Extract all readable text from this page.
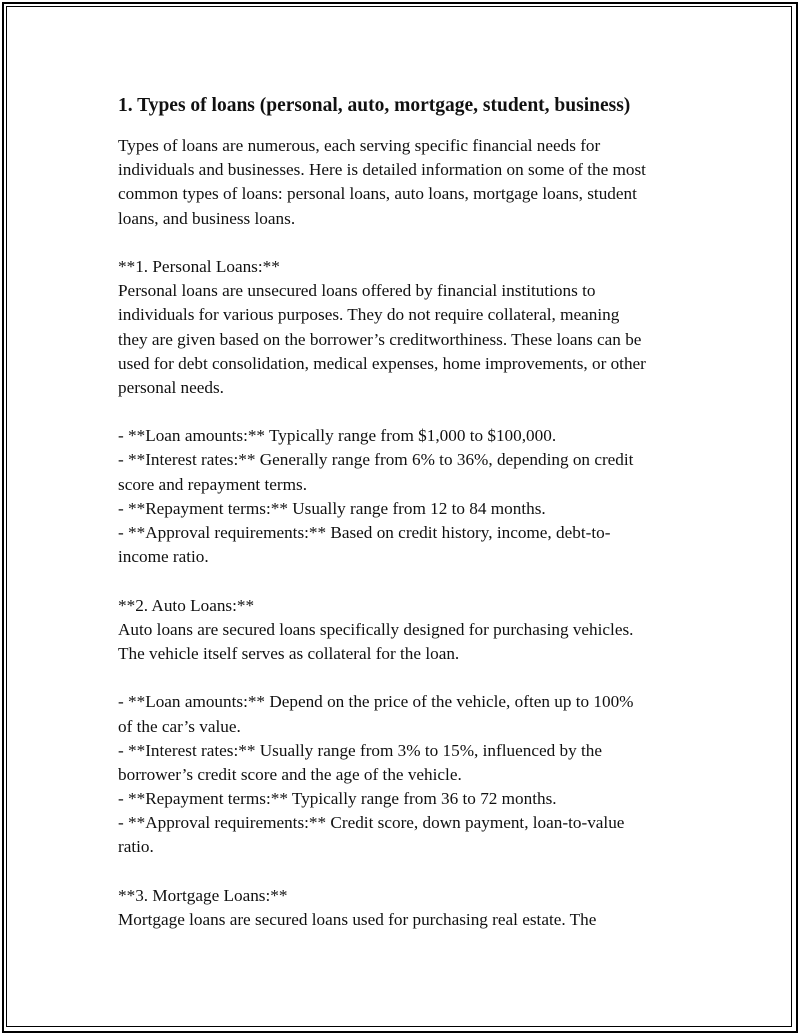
1. Types of loans (personal, auto, mortgage, student, business)
Types of loans are numerous, each serving specific financial needs for
individuals and businesses. Here is detailed information on some of the most
common types of loans: personal loans, auto loans, mortgage loans, student
loans, and business loans.
**1. Personal Loans:**
Personal loans are unsecured loans offered by financial institutions to
individuals for various purposes. They do not require collateral, meaning
they are given based on the borrower’s creditworthiness. These loans can be
used for debt consolidation, medical expenses, home improvements, or other
personal needs.
- **Loan amounts:** Typically range from $1,000 to $100,000.
- **Interest rates:** Generally range from 6% to 36%, depending on credit
score and repayment terms.
- **Repayment terms:** Usually range from 12 to 84 months.
- **Approval requirements:** Based on credit history, income, debt-to-
income ratio.
**2. Auto Loans:**
Auto loans are secured loans specifically designed for purchasing vehicles.
The vehicle itself serves as collateral for the loan.
- **Loan amounts:** Depend on the price of the vehicle, often up to 100%
of the car’s value.
- **Interest rates:** Usually range from 3% to 15%, influenced by the
borrower’s credit score and the age of the vehicle.
- **Repayment terms:** Typically range from 36 to 72 months.
- **Approval requirements:** Credit score, down payment, loan-to-value
ratio.
**3. Mortgage Loans:**
Mortgage loans are secured loans used for purchasing real estate. The
